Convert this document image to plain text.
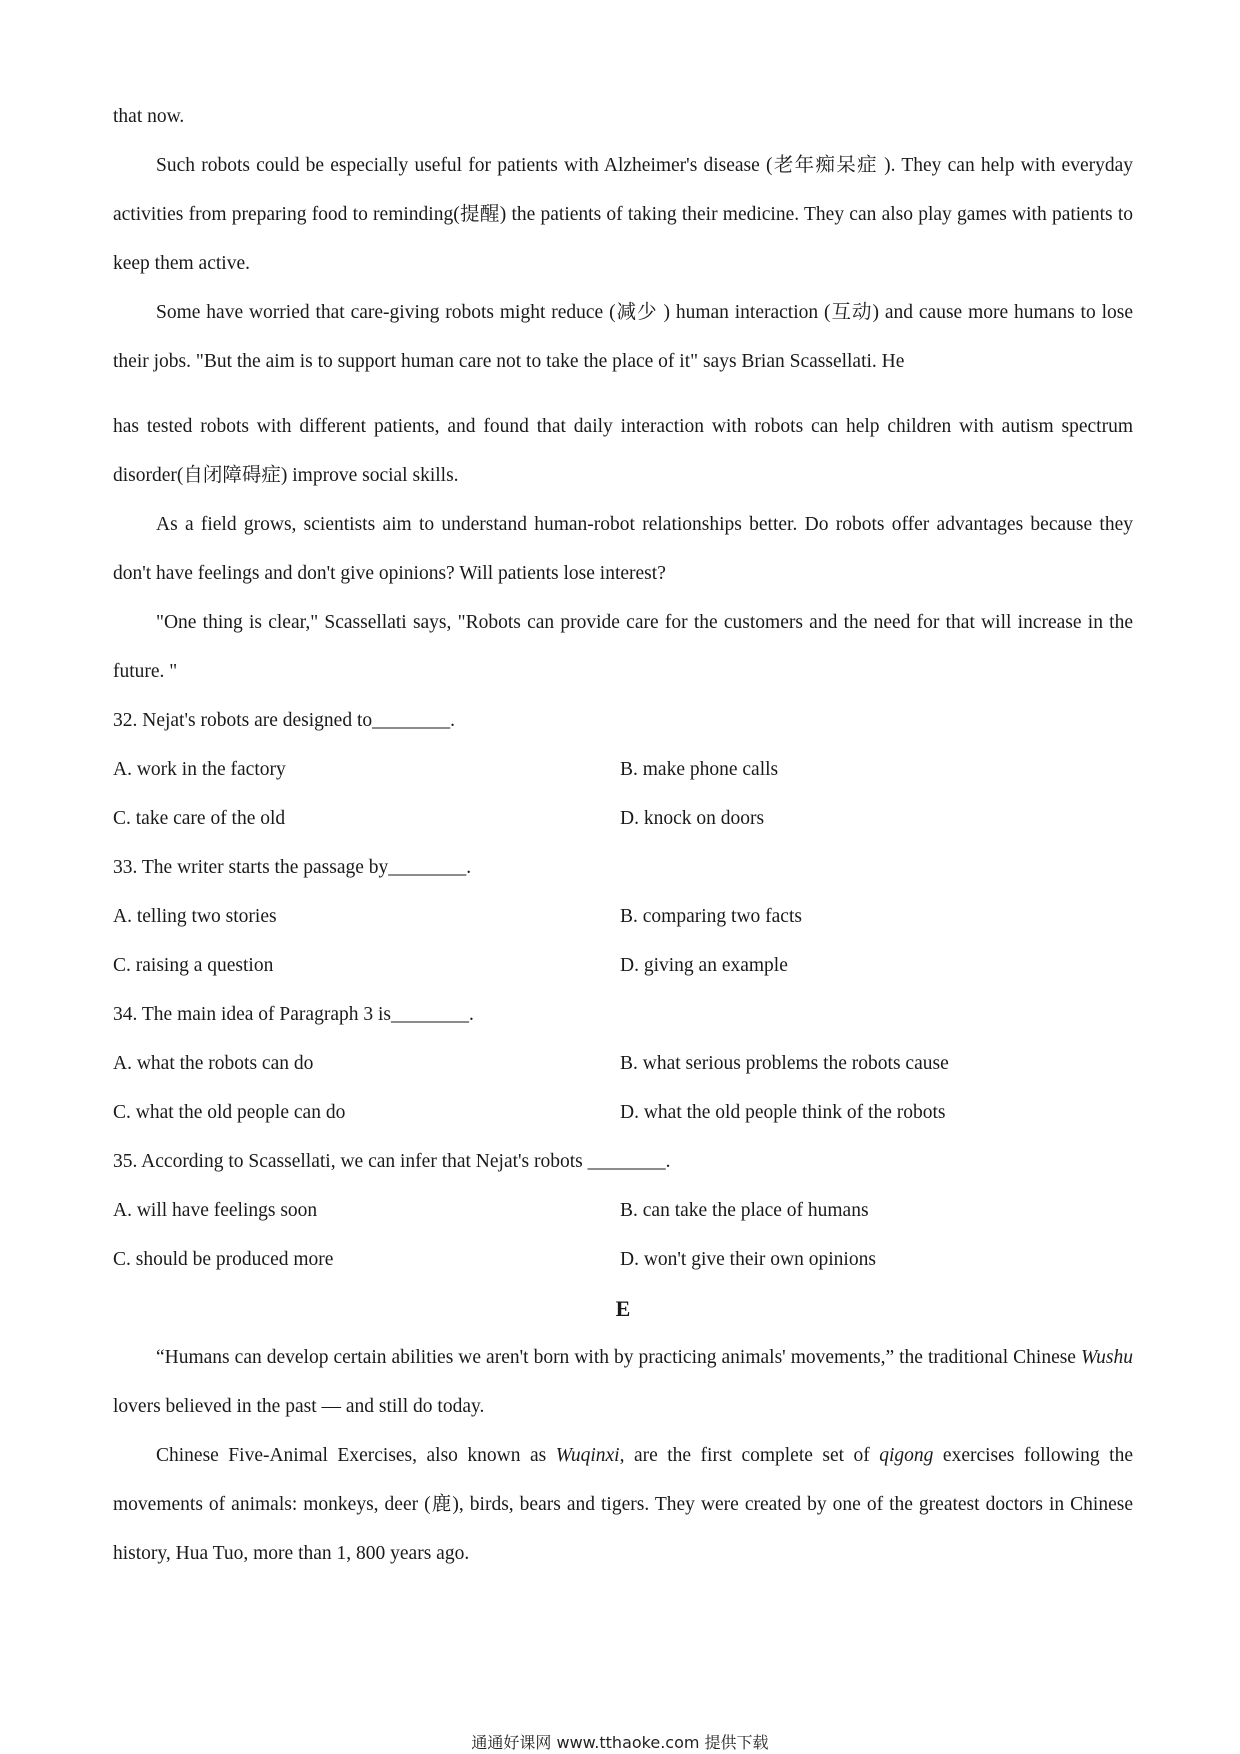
that now.

Such robots could be especially useful for patients with Alzheimer's disease (老年痴呆症 ). They can help with everyday activities from preparing food to reminding(提醒) the patients of taking their medicine. They can also play games with patients to keep them active.

Some have worried that care-giving robots might reduce (减少 ) human interaction (互动) and cause more humans to lose their jobs. "But the aim is to support human care not to take the place of it" says Brian Scassellati. He

has tested robots with different patients, and found that daily interaction with robots can help children with autism spectrum disorder(自闭障碍症) improve social skills.

As a field grows, scientists aim to understand human-robot relationships better. Do robots offer advantages because they don't have feelings and don't give opinions? Will patients lose interest?

"One thing is clear," Scassellati says, "Robots can provide care for the customers and the need for that will increase in the future. "

32. Nejat's robots are designed to________.

A. work in the factory	B. make phone calls
C. take care of the old	D. knock on doors

33. The writer starts the passage by________.

A. telling two stories	B. comparing two facts
C. raising a question	D. giving an example

34. The main idea of Paragraph 3 is________.

A. what the robots can do	B. what serious problems the robots cause
C. what the old people can do	D. what the old people think of the robots

35. According to Scassellati, we can infer that Nejat's robots ________.

A. will have feelings soon	B. can take the place of humans
C. should be produced more	D. won't give their own opinions

E

“Humans can develop certain abilities we aren't born with by practicing animals' movements,” the traditional Chinese Wushu lovers believed in the past — and still do today.

Chinese Five-Animal Exercises, also known as Wuqinxi, are the first complete set of qigong exercises following the movements of animals: monkeys, deer (鹿), birds, bears and tigers. They were created by one of the greatest doctors in Chinese history, Hua Tuo, more than 1, 800 years ago.

通通好课网 www.tthaoke.com 提供下载
